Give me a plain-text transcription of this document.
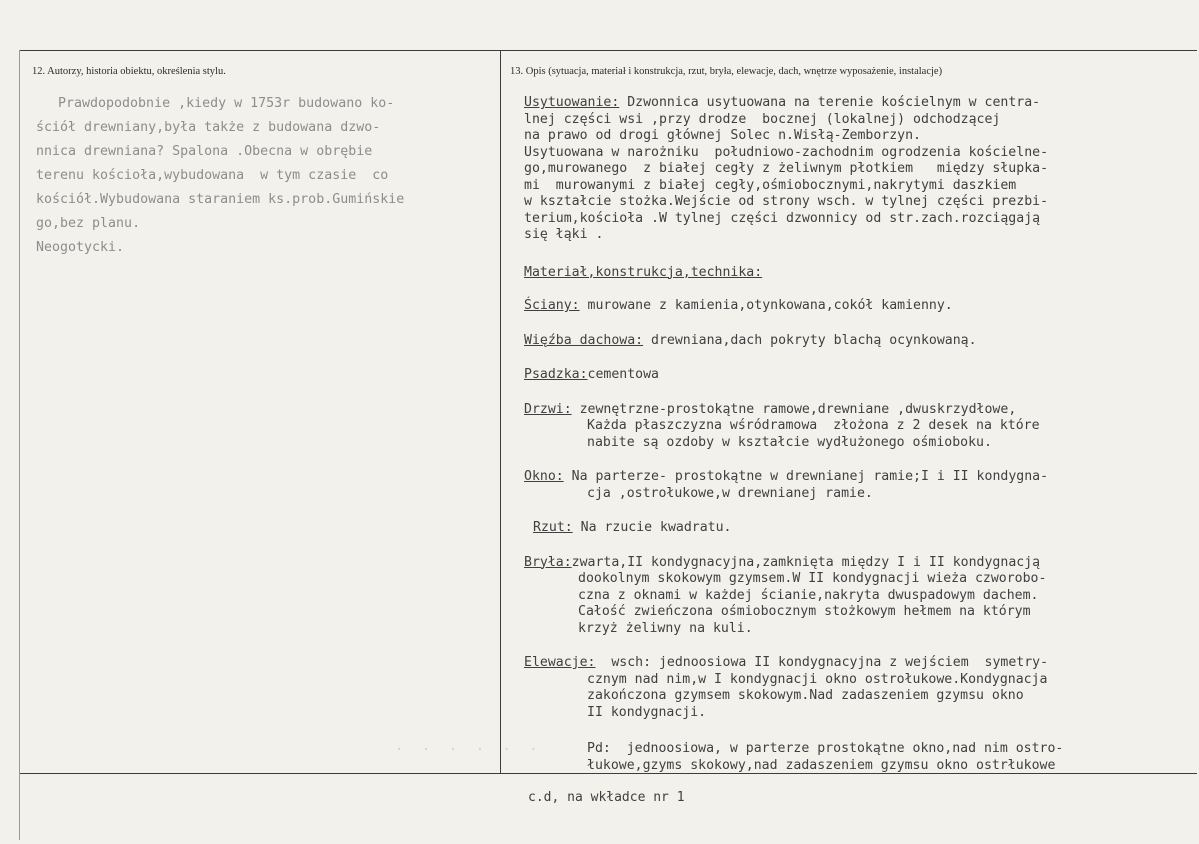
12. Autorzy, historia obiektu, określenia stylu.	13. Opis (sytuacja, materiał i konstrukcja, rzut, bryła, elewacje, dach, wnętrze wyposażenie, instalacje)
Prawdopodobnie ,kiedy w 1753r budowano ko-
ściół drewniany,była także z budowana dzwo-
nnica drewniana? Spalona .Obecna w obrębie
terenu kościoła,wybudowana  w tym czasie  co
kościół.Wybudowana staraniem ks.prob.Gumińskie
go,bez planu.
Neogotycki.
. . . . . .
Usytuowanie: Dzwonnica usytuowana na terenie kościelnym w centra-
lnej części wsi ,przy drodze  bocznej (lokalnej) odchodzącej
na prawo od drogi głównej Solec n.Wisłą-Zemborzyn.
Usytuowana w narożniku  południowo-zachodnim ogrodzenia kościelne-
go,murowanego  z białej cegły z żeliwnym płotkiem   między słupka-
mi  murowanymi z białej cegły,ośmiobocznymi,nakrytymi daszkiem
w kształcie stożka.Wejście od strony wsch. w tylnej części prezbi-
terium,kościoła .W tylnej części dzwonnicy od str.zach.rozciągają
się łąki .
Materiał,konstrukcja,technika:
Ściany: murowane z kamienia,otynkowana,cokół kamienny.
Więźba dachowa: drewniana,dach pokryty blachą ocynkowaną.
Psadzka:cementowa
Drzwi: zewnętrzne-prostokątne ramowe,drewniane ,dwuskrzydłowe,
Każda płaszczyzna wśródramowa  złożona z 2 desek na które
nabite są ozdoby w kształcie wydłużonego ośmioboku.
Okno: Na parterze- prostokątne w drewnianej ramie;I i II kondygna-
cja ,ostrołukowe,w drewnianej ramie.
Rzut: Na rzucie kwadratu.
Bryła:zwarta,II kondygnacyjna,zamknięta między I i II kondygnacją
dookolnym skokowym gzymsem.W II kondygnacji wieża czworobo-
czna z oknami w każdej ścianie,nakryta dwuspadowym dachem.
Całość zwieńczona ośmiobocznym stożkowym hełmem na którym
krzyż żeliwny na kuli.
Elewacje:  wsch: jednoosiowa II kondygnacyjna z wejściem  symetry-
cznym nad nim,w I kondygnacji okno ostrołukowe.Kondygnacja
zakończona gzymsem skokowym.Nad zadaszeniem gzymsu okno
II kondygnacji.
Pd:  jednoosiowa, w parterze prostokątne okno,nad nim ostro-
łukowe,gzyms skokowy,nad zadaszeniem gzymsu okno ostrłukowe
c.d, na wkładce nr 1
